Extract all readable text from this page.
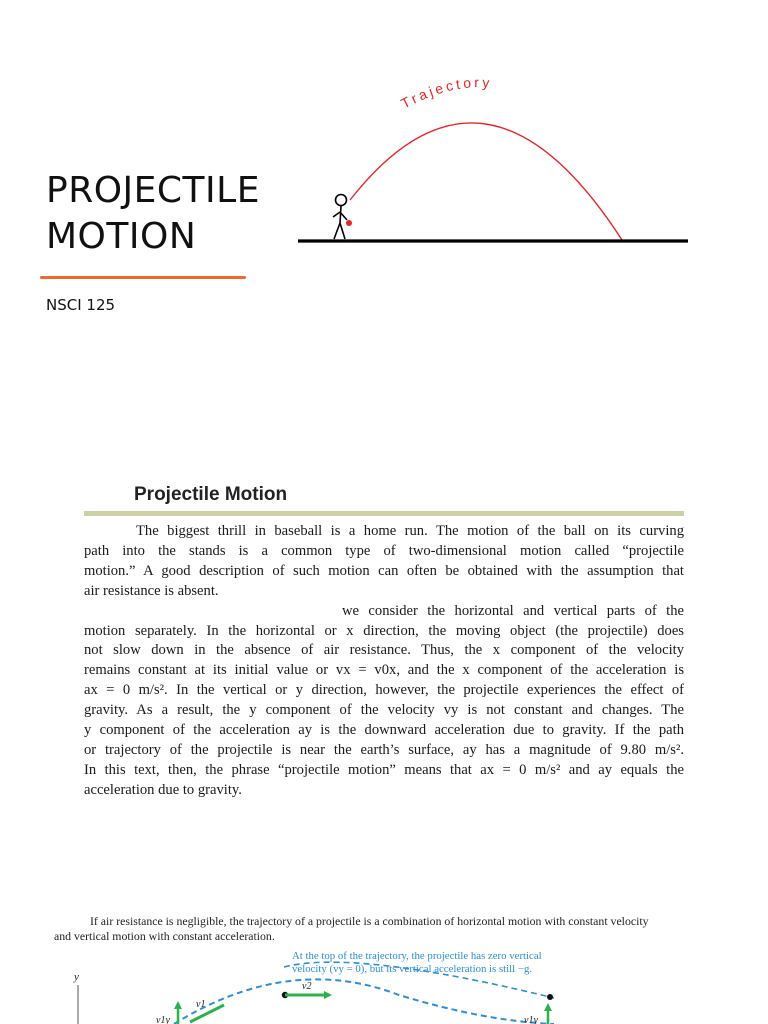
PROJECTILE
MOTION
NSCI 125
Trajectory
Projectile Motion
The biggest thrill in baseball is a home run. The motion of the ball on its curving
path into the stands is a common type of two-dimensional motion called “projectile
motion.” A good description of such motion can often be obtained with the assumption that
air resistance is absent.
we consider the horizontal and vertical parts of the
motion separately. In the horizontal or x direction, the moving object (the projectile) does
not slow down in the absence of air resistance. Thus, the x component of the velocity
remains constant at its initial value or vx = v0x, and the x component of the acceleration is
ax = 0 m/s². In the vertical or y direction, however, the projectile experiences the effect of
gravity. As a result, the y component of the velocity vy is not constant and changes. The
y component of the acceleration ay is the downward acceleration due to gravity. If the path
or trajectory of the projectile is near the earth’s surface, ay has a magnitude of 9.80 m/s².
In this text, then, the phrase “projectile motion” means that ax = 0 m/s² and ay equals the
acceleration due to gravity.
If air resistance is negligible, the trajectory of a projectile is a combination of horizontal motion with constant velocity
and vertical motion with constant acceleration.
At the top of the trajectory, the projectile has zero vertical
velocity (vy = 0), but its vertical acceleration is still −g.
y
v2
v1
v1y	v1y
